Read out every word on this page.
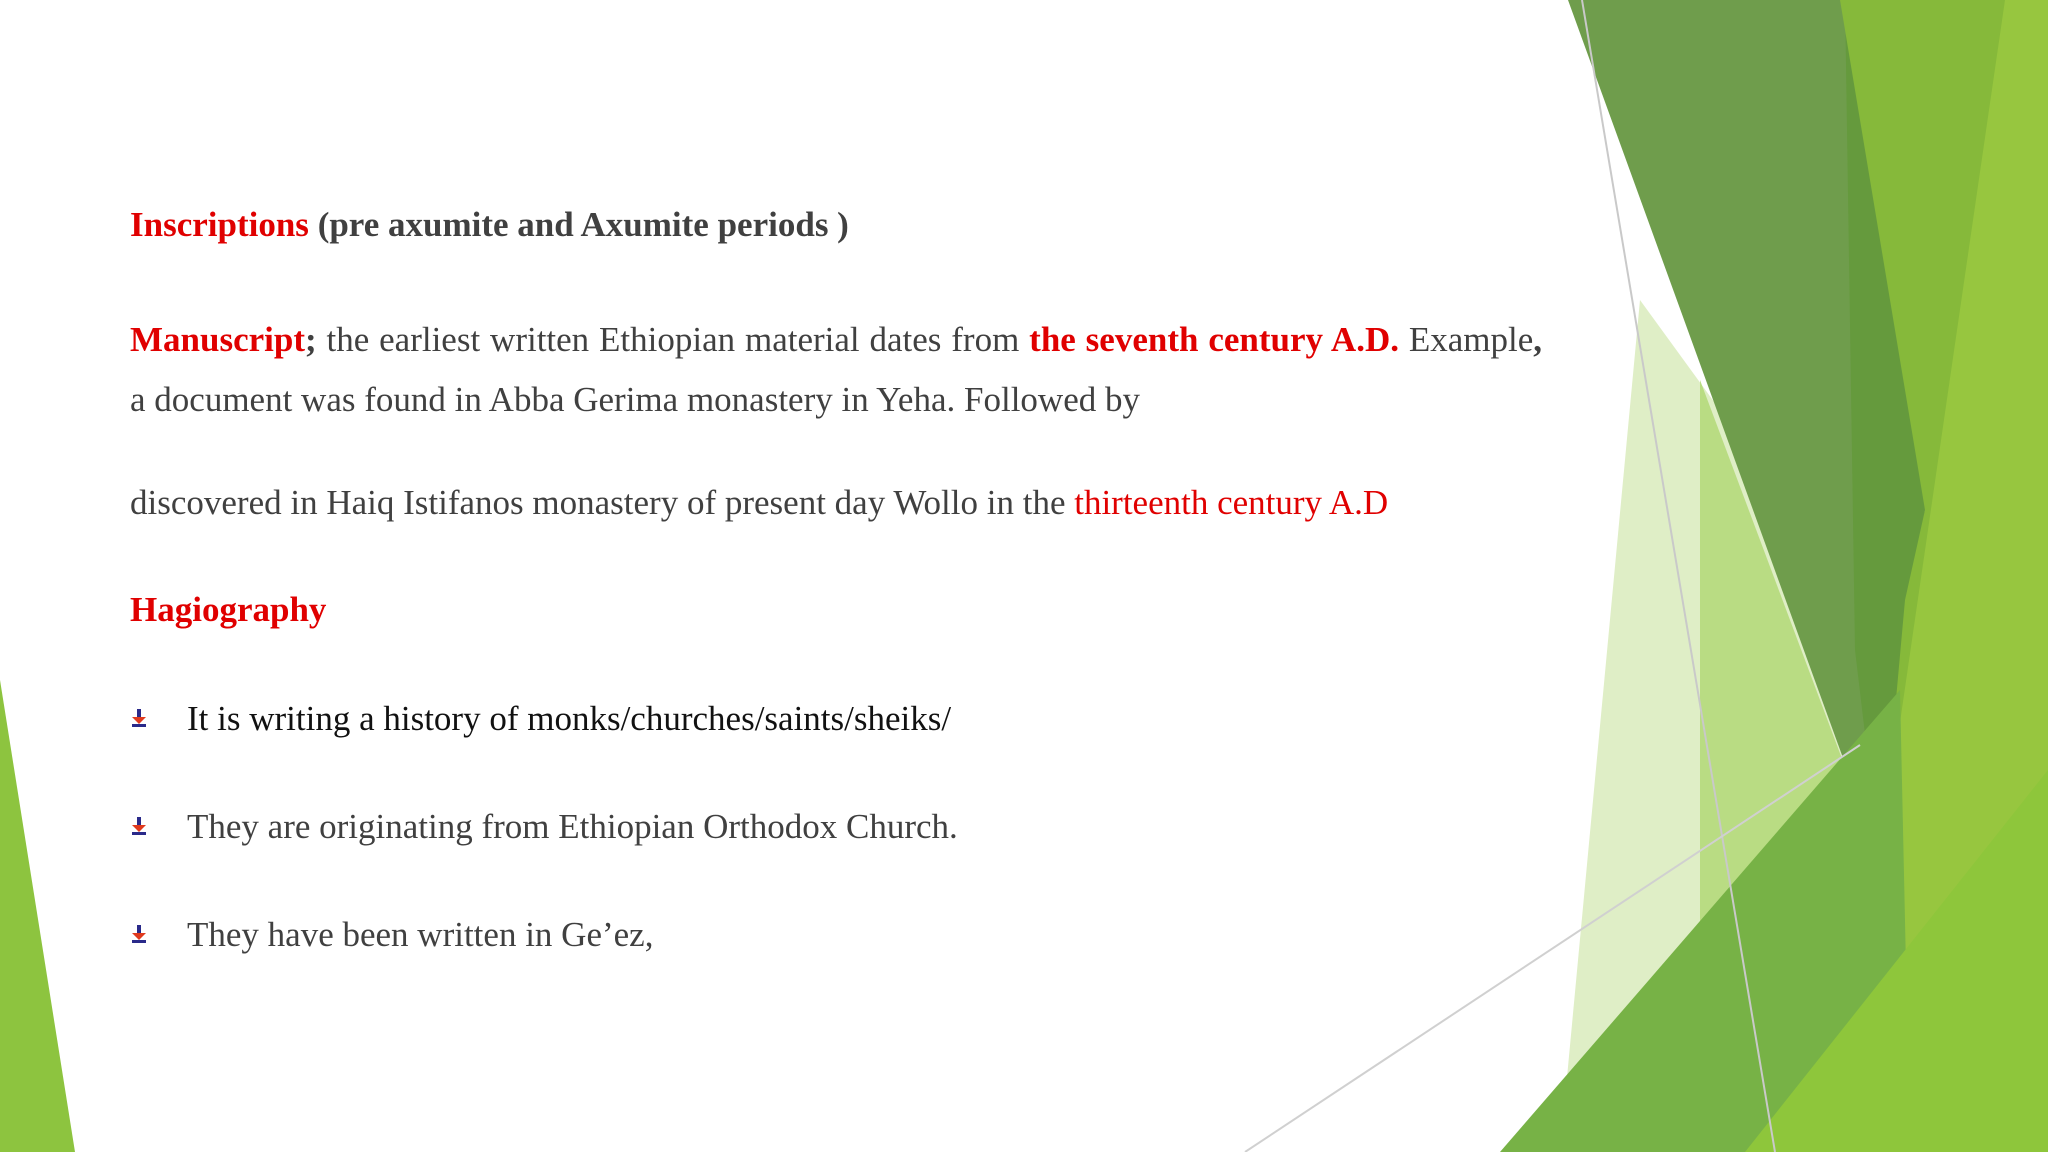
Inscriptions (pre axumite and Axumite periods )
Manuscript; the earliest written Ethiopian material dates from the seventh century A.D. Example, a document was found in Abba Gerima monastery in Yeha. Followed by
discovered in Haiq Istifanos monastery of present day Wollo in the thirteenth century A.D
Hagiography
It is writing a history of monks/churches/saints/sheiks/
They are originating from Ethiopian Orthodox Church.
They have been written in Ge’ez,
